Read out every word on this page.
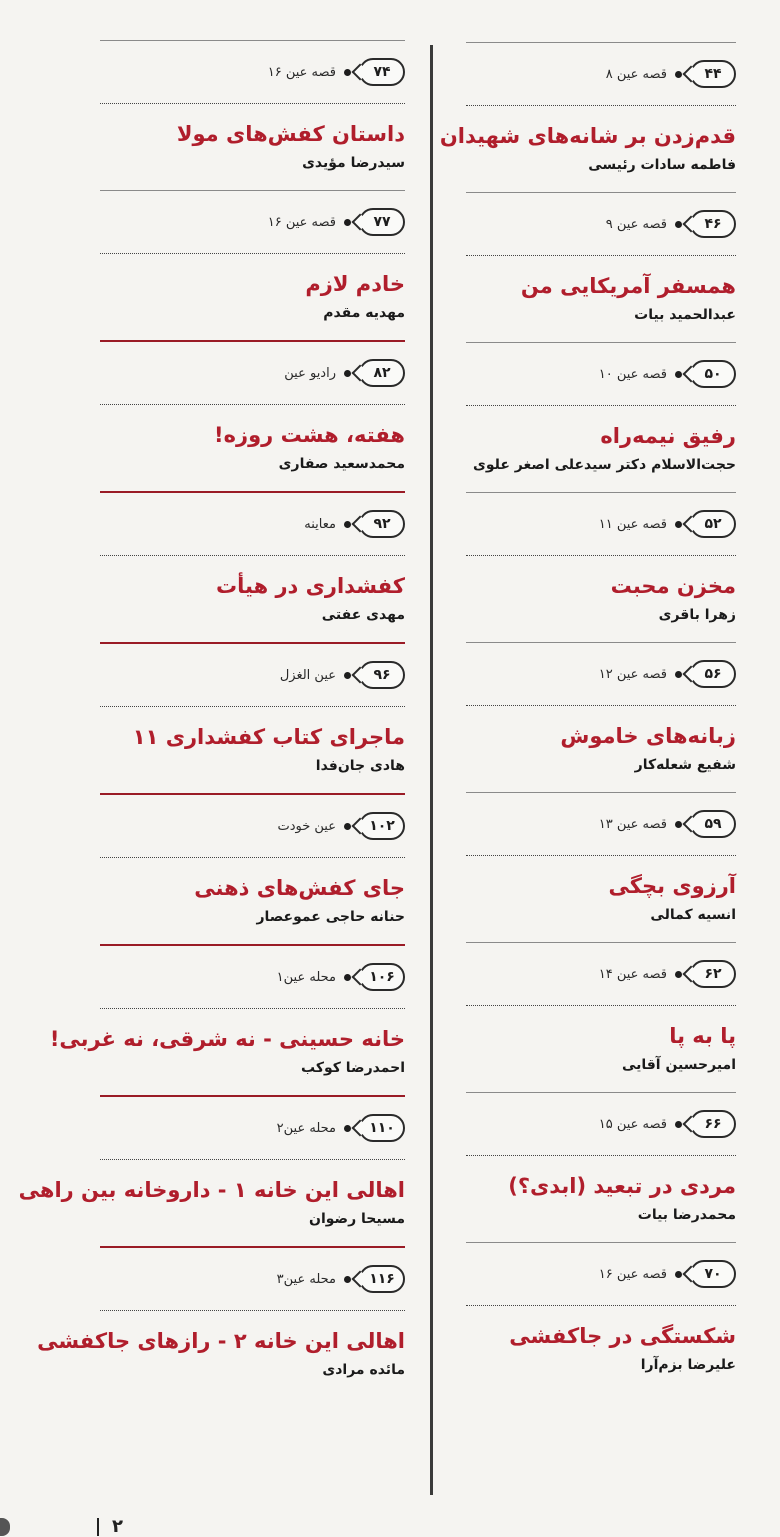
۴۴
قصه عین ۸
قدم‌زدن بر شانه‌های شهیدان
فاطمه سادات رئیسی
۴۶
قصه عین ۹
همسفر آمریکایی من
عبدالحمید بیات
۵۰
قصه عین ۱۰
رفیق نیمه‌راه
حجت‌الاسلام دکتر سیدعلی اصغر علوی
۵۲
قصه عین ۱۱
مخزن محبت
زهرا باقری
۵۶
قصه عین ۱۲
زبانه‌های خاموش
شفیع شعله‌کار
۵۹
قصه عین ۱۳
آرزوی بچگی
انسیه کمالی
۶۲
قصه عین ۱۴
پا به پا
امیرحسین آقایی
۶۶
قصه عین ۱۵
مردی در تبعید (ابدی؟)
محمدرضا بیات
۷۰
قصه عین ۱۶
شکستگی در جاکفشی
علیرضا بزم‌آرا
۷۴
قصه عین ۱۶
داستان کفش‌های مولا
سیدرضا مؤیدی
۷۷
قصه عین ۱۶
خادم لازم
مهدیه مقدم
۸۲
رادیو عین
هفته، هشت روزه!
محمدسعید صفاری
۹۲
معاینه
کفشداری در هیأت
مهدی عفتی
۹۶
عین الغزل
ماجرای کتاب کفشداری ۱۱
هادی جان‌فدا
۱۰۲
عین خودت
جای کفش‌های ذهنی
حنانه حاجی عموعصار
۱۰۶
محله عین۱
خانه حسینی - نه شرقی، نه غربی!
احمدرضا کوکب
۱۱۰
محله عین۲
اهالی این خانه ۱ - داروخانه بین راهی
مسیحا رضوان
۱۱۶
محله عین۳
اهالی این خانه ۲ - رازهای جاکفشی
مائده مرادی
۲
